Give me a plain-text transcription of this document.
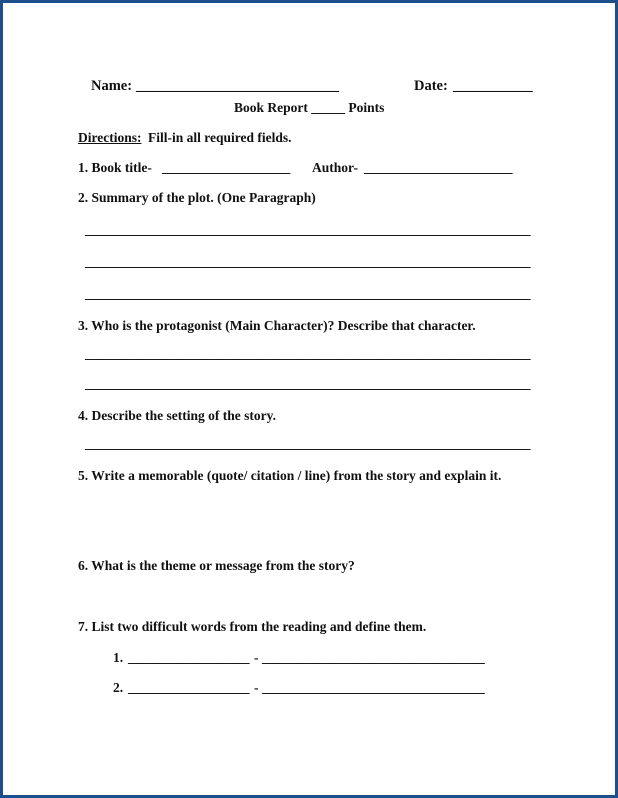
Name: ____________________________	Date: ___________
Book Report _____ Points
Directions: Fill-in all required fields.
1. Book title- ___________________ Author- ______________________
2. Summary of the plot. (One Paragraph)
__________________________________________________________________
__________________________________________________________________
__________________________________________________________________
3. Who is the protagonist (Main Character)? Describe that character.
__________________________________________________________________
__________________________________________________________________
4. Describe the setting of the story.
__________________________________________________________________
5. Write a memorable (quote/ citation / line) from the story and explain it.
6. What is the theme or message from the story?
7. List two difficult words from the reading and define them.
1. __________________ - _________________________________
2. __________________ - _________________________________
